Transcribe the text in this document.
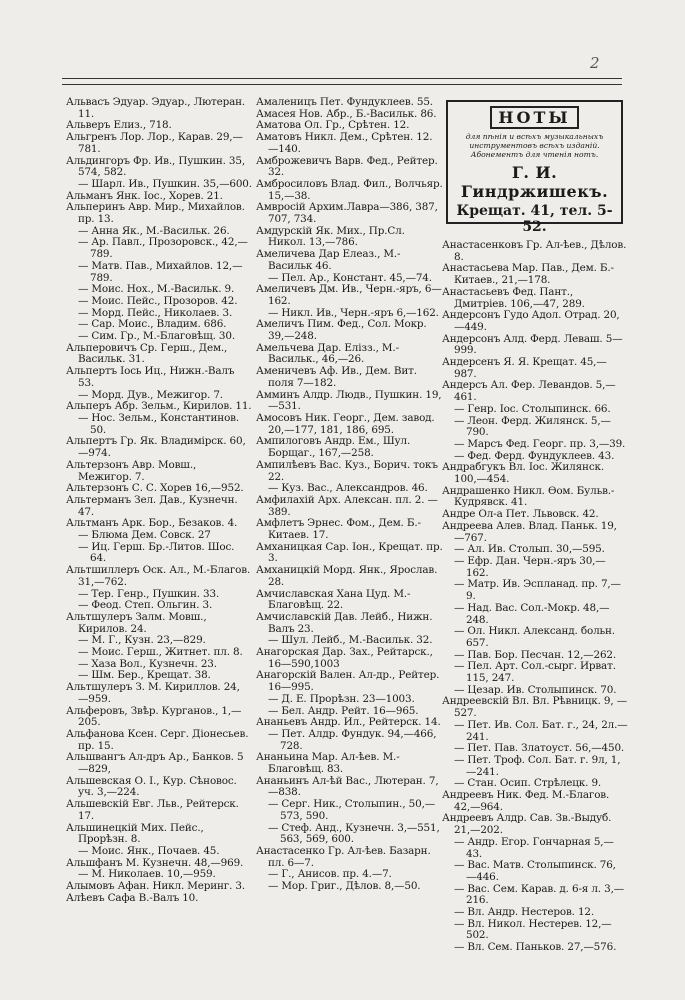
2

Альвасъ Эдуар. Эдуар., Лютеран. 11.

Альверъ Елиз., 718.

Альгренъ Лор. Лор., Карав. 29,—781.

Альдингоръ Фр. Ив., Пушкин. 35, 574, 582.

— Шарл. Ив., Пушкин. 35,—600.

Альманъ Янк. Іос., Хорев. 21.

Альперинъ Авр. Мир., Михайлов. пр. 13.

— Анна Як., М.-Васильк. 26.

— Ар. Павл., Прозоровск., 42,—789.

— Матв. Пав., Михайлов. 12,—789.

— Моис. Нох., М.-Васильк. 9.

— Моис. Пейс., Прозоров. 42.

— Морд. Пейс., Николаев. 3.

— Сар. Моис., Владим. 686.

— Сим. Гр., М.-Благовѣщ. 30.

Альперовичъ Ср. Герш., Дем., Васильк. 31.

Альпертъ Іось Иц., Нижн.-Валъ 53.

— Морд. Дув., Межигор. 7.

Альперъ Абр. Зельм., Кирилов. 11.

— Нос. Зельм., Константинов. 50.

Альпертъ Гр. Як. Владимірск. 60, —974.

Альтерзонъ Авр. Мовш., Межигор. 7.

Альтерзонъ С. С. Хорев 16,—952.

Альтерманъ Зел. Дав., Кузнечн. 47.

Альтманъ Арк. Бор., Безаков. 4.

— Блюма Дем. Совск. 27

— Иц. Герш. Бр.-Литов. Шос. 64.

Альтшиллеръ Оск. Ал., М.-Благов. 31,—762.

— Тер. Генр., Пушкин. 33.

— Феод. Степ. Ольгин. 3.

Альтшулеръ Залм. Мовш., Кирилов. 24.

— М. Г., Кузн. 23,—829.

— Моис. Герш., Житнет. пл. 8.

— Хаза Вол., Кузнечн. 23.

— Шм. Бер., Крещат. 38.

Альтшулеръ З. М. Кириллов. 24, —959.

Альферовъ, Звѣр. Курганов., 1,—205.

Альфанова Ксен. Серг. Діонесьев. пр. 15.

Альшвангъ Ал-дръ Ар., Банков. 5—829,

Альшевская О. І., Кур. Сѣновос. уч. 3,—224.

Альшевскій Евг. Льв., Рейтерск. 17.

Альшинецкій Мих. Пейс., Прорѣзн. 8.

— Моис. Янк., Почаев. 45.

Альшфанъ М. Кузнечн. 48,—969.

— М. Николаев. 10,—959.

Алымовъ Афан. Никл. Меринг. 3.

Алѣевъ Сафа В.-Валъ 10.

Амаленицъ Пет. Фундуклеев. 55.

Амасея Нов. Абр., Б.-Васильк. 86.

Аматова Ол. Гр., Срѣтен. 12.

Аматовъ Никл. Дем., Срѣтен. 12. —140.

Амброжевичъ Варв. Фед., Рейтер. 32.

Амбросиловъ Влад. Фил., Волчьяр. 15,—38.

Амвросій Архим.Лавра—386, 387, 707, 734.

Амдурскій Як. Мих., Пр.Сл. Никол. 13,—786.

Амеличева Дар Елеаз., М.-Васильк 46.

— Пел. Ар., Констант. 45,—74.

Амеличевъ Дм. Ив., Черн.-яръ, 6—162.

— Никл. Ив., Черн.-яръ 6,—162.

Амеличъ Пим. Фед., Сол. Мокр. 39,—248.

Амельчева Дар. Елізз., М.-Васильк., 46,—26.

Аменичевъ Аф. Ив., Дем. Вит. поля 7—182.

Амминъ Алдр. Людв., Пушкин. 19,—531.

Амосовъ Ник. Георг., Дем. завод. 20,—177, 181, 186, 695.

Ампилоговъ Андр. Ем., Шул. Борщаг., 167,—258.

Ампилѣевъ Вас. Куз., Борич. токъ 22.

— Куз. Вас., Александров. 46.

Амфилахій Арх. Алексан. пл. 2. —389.

Амфлетъ Эрнес. Фом., Дем. Б.-Китаев. 17.

Амханицкая Сар. Іон., Крещат. пр. 3.

Амханицкій Морд. Янк., Ярослав. 28.

Амчиславская Хана Цуд. М.-Благовѣщ. 22.

Амчиславскій Дав. Лейб., Нижн. Валъ 23.

— Шул. Лейб., М.-Васильк. 32.

Анагорская Дар. Зах., Рейтарск., 16—590,1003

Анагорскій Вален. Ал-др., Рейтер. 16—995.

— Д. Е. Прорѣзн. 23—1003.

— Бел. Андр. Рейт. 16—965.

Ананьевъ Андр. Ил., Рейтерск. 14.

— Пет. Алдр. Фундук. 94,—466, 728.

Ананьина Мар. Ал-ѣев. М.-Благовѣщ. 83.

Ананьинъ Ал-ѣй Вас., Лютеран. 7,—838.

— Серг. Ник., Столыпин., 50,—573, 590.

— Стеф. Анд., Кузнечн. 3,—551, 563, 569, 600.

Анастасенко Гр. Ал-ѣев. Базарн. пл. 6—7.

— Г., Анисов. пр. 4.—7.

— Мор. Григ., Дѣлов. 8,—50.

НОТЫ
для пѣнія и всѣхъ музыкальныхъ инструментовъ всѣхъ изданій. Абонементъ для чтенія нотъ.
Г. И. Гиндржишекъ.
Крещат. 41, тел. 5-52.

Анастасенковъ Гр. Ал-ѣев., Дѣлов. 8.

Анастасьева Мар. Пав., Дем. Б.-Китаев., 21,—178.

Анастасьевъ Фед. Пант., Дмитріев. 106,—47, 289.

Андерсонъ Гудо Адол. Отрад. 20, —449.

Андерсонъ Алд. Ферд. Леваш. 5—999.

Андерсенъ Я. Я. Крещат. 45,—987.

Андерсъ Ал. Фер. Левандов. 5,—461.

— Генр. Іос. Столыпинск. 66.

— Леон. Ферд. Жилянск. 5,—790.

— Марсъ Фед. Георг. пр. 3,—39.

— Фед. Ферд. Фундуклеев. 43.

Андрабгукъ Вл. Іос. Жилянск. 100,—454.

Андрашенко Никл. Ѳом. Бульв.-Кудрявск. 41.

Андре Ол-а Пет. Львовск. 42.

Андреева Алев. Влад. Паньк. 19, —767.

— Ал. Ив. Столып. 30,—595.

— Ефр. Дан. Черн.-яръ 30,—162.

— Матр. Ив. Эспланад. пр. 7,—9.

— Над. Вас. Сол.-Мокр. 48,—248.

— Ол. Никл. Александ. больн. 657.

— Пав. Бор. Песчан. 12,—262.

— Пел. Арт. Сол.-сырг. Ирват. 115, 247.

— Цезар. Ив. Столыпинск. 70.

Андреевскій Вл. Вл. Рѣвницк. 9, —527.

— Пет. Ив. Сол. Бат. г., 24, 2л.—241.

— Пет. Пав. Златоуст. 56,—450.

— Пет. Троф. Сол. Бат. г. 9л, 1,—241.

— Стан. Осип. Стрѣлецк. 9.

Андреевъ Ник. Фед. М.-Благов. 42,—964.

Андреевъ Алдр. Сав. Зв.-Выдуб. 21,—202.

— Андр. Егор. Гончарная 5,—43.

— Вас. Матв. Столыпинск. 76, —446.

— Вас. Сем. Карав. д. 6-я л. 3,—216.

— Вл. Андр. Нестеров. 12.

— Вл. Никол. Нестерев. 12,—502.

— Вл. Сем. Паньков. 27,—576.
